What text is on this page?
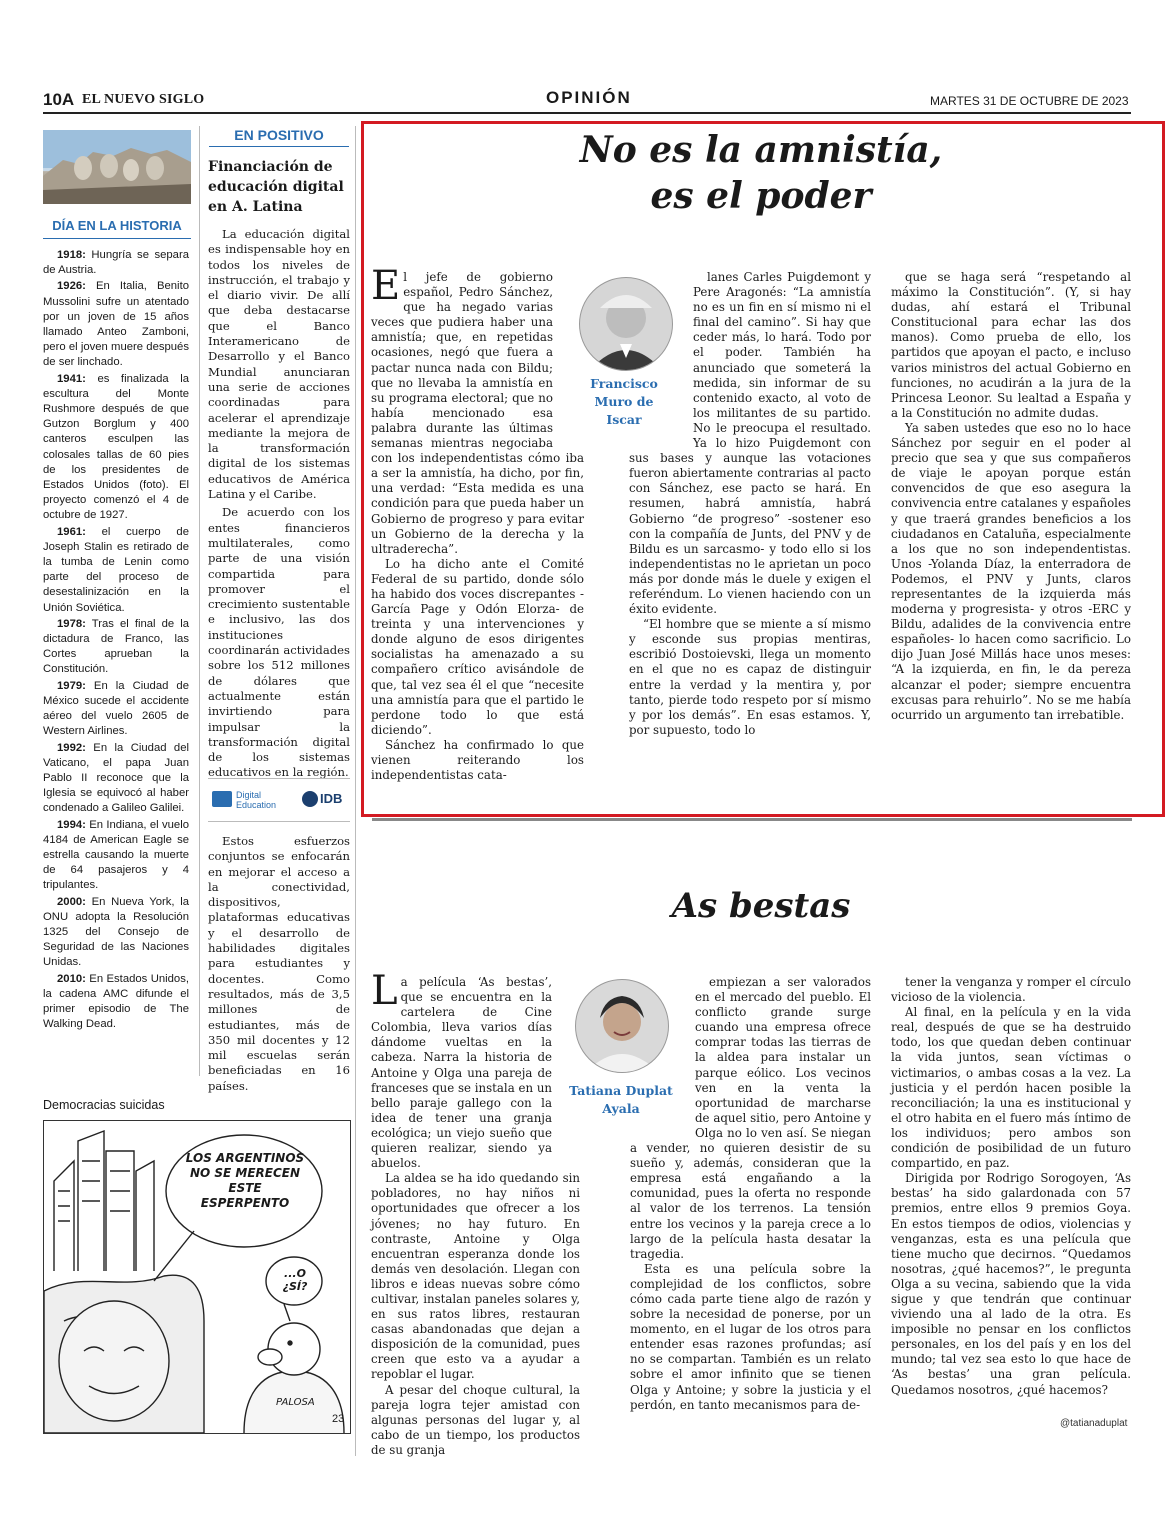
10A EL NUEVO SIGLO	OPINIÓN	MARTES 31 DE OCTUBRE DE 2023
DÍA EN LA HISTORIA

1918: Hungría se separa de Austria.

1926: En Italia, Benito Mussolini sufre un atentado por un joven de 15 años llamado Anteo Zamboni, pero el joven muere después de ser linchado.

1941: es finalizada la escultura del Monte Rushmore después de que Gutzon Borglum y 400 canteros esculpen las colosales tallas de 60 pies de los presidentes de Estados Unidos (foto). El proyecto comenzó el 4 de octubre de 1927.

1961: el cuerpo de Joseph Stalin es retirado de la tumba de Lenin como parte del proceso de desestalinización en la Unión Soviética.

1978: Tras el final de la dictadura de Franco, las Cortes aprueban la Constitución.

1979: En la Ciudad de México sucede el accidente aéreo del vuelo 2605 de Western Airlines.

1992: En la Ciudad del Vaticano, el papa Juan Pablo II reconoce que la Iglesia se equivocó al haber condenado a Galileo Galilei.

1994: En Indiana, el vuelo 4184 de American Eagle se estrella causando la muerte de 64 pasajeros y 4 tripulantes.

2000: En Nueva York, la ONU adopta la Resolución 1325 del Consejo de Seguridad de las Naciones Unidas.

2010: En Estados Unidos, la cadena AMC difunde el primer episodio de The Walking Dead.

EN POSITIVO
Financiación de educación digital en A. Latina

La educación digital es indispensable hoy en todos los niveles de instrucción, el trabajo y el diario vivir. De allí que deba destacarse que el Banco Interamericano de Desarrollo y el Banco Mundial anunciaran una serie de acciones coordinadas para acelerar el aprendizaje mediante la mejora de la transformación digital de los sistemas educativos de América Latina y el Caribe.

De acuerdo con los entes financieros multilaterales, como parte de una visión compartida para promover el crecimiento sustentable e inclusivo, las dos instituciones coordinarán actividades sobre los 512 millones de dólares que actualmente están invirtiendo para impulsar la transformación digital de los sistemas educativos en la región.

Digital Education	IDB

Estos esfuerzos conjuntos se enfocarán en mejorar el acceso a la conectividad, dispositivos, plataformas educativas y el desarrollo de habilidades digitales para estudiantes y docentes. Como resultados, más de 3,5 millones de estudiantes, más de 350 mil docentes y 12 mil escuelas serán beneficiadas en 16 países.

Democracias suicidas
LOS ARGENTINOS NO SE MERECEN ESTE ESPERPENTO
...O ¿SÍ?
PALOSA
23
No es la amnistía,
es el poder
Francisco Muro de Iscar

El jefe de gobierno español, Pedro Sánchez, que ha negado varias veces que pudiera haber una amnistía; que, en repetidas ocasiones, negó que fuera a pactar nunca nada con Bildu; que no llevaba la amnistía en su programa electoral; que no había mencionado esa palabra durante las últimas semanas mientras negociaba con los independentistas cómo iba a ser la amnistía, ha dicho, por fin, una verdad: “Esta medida es una condición para que pueda haber un Gobierno de progreso y para evitar un Gobierno de la derecha y la ultraderecha”.

Lo ha dicho ante el Comité Federal de su partido, donde sólo ha habido dos voces discrepantes -García Page y Odón Elorza- de treinta y una intervenciones y donde alguno de esos dirigentes socialistas ha amenazado a su compañero crítico avisándole de que, tal vez sea él el que “necesite una amnistía para que el partido le perdone todo lo que está diciendo”.

Sánchez ha confirmado lo que vienen reiterando los independentistas cata-

lanes Carles Puigdemont y Pere Aragonés: “La amnistía no es un fin en sí mismo ni el final del camino”. Si hay que ceder más, lo hará. Todo por el poder. También ha anunciado que someterá la medida, sin informar de su contenido exacto, al voto de los militantes de su partido. No le preocupa el resultado. Ya lo hizo Puigdemont con sus bases y aunque las votaciones fueron abiertamente contrarias al pacto con Sánchez, ese pacto se hará. En resumen, habrá amnistía, habrá Gobierno “de progreso” -sostener eso con la compañía de Junts, del PNV y de Bildu es un sarcasmo- y todo ello si los independentistas no le aprietan un poco más por donde más le duele y exigen el referéndum. Lo vienen haciendo con un éxito evidente.

“El hombre que se miente a sí mismo y esconde sus propias mentiras, escribió Dostoievski, llega un momento en el que no es capaz de distinguir entre la verdad y la mentira y, por tanto, pierde todo respeto por sí mismo y por los demás”. En esas estamos. Y, por supuesto, todo lo

que se haga será “respetando al máximo la Constitución”. (Y, si hay dudas, ahí estará el Tribunal Constitucional para echar las dos manos). Como prueba de ello, los partidos que apoyan el pacto, e incluso varios ministros del actual Gobierno en funciones, no acudirán a la jura de la Princesa Leonor. Su lealtad a España y a la Constitución no admite dudas.

Ya saben ustedes que eso no lo hace Sánchez por seguir en el poder al precio que sea y que sus compañeros de viaje le apoyan porque están convencidos de que eso asegura la convivencia entre catalanes y españoles y que traerá grandes beneficios a los ciudadanos en Cataluña, especialmente a los que no son independentistas. Unos -Yolanda Díaz, la enterradora de Podemos, el PNV y Junts, claros representantes de la izquierda más moderna y progresista- y otros -ERC y Bildu, adalides de la convivencia entre españoles- lo hacen como sacrificio. Lo dijo Juan José Millás hace unos meses: “A la izquierda, en fin, le da pereza alcanzar el poder; siempre encuentra excusas para rehuirlo”. No se me había ocurrido un argumento tan irrebatible.

As bestas
Tatiana Duplat Ayala

La película ‘As bestas’, que se encuentra en la cartelera de Cine Colombia, lleva varios días dándome vueltas en la cabeza. Narra la historia de Antoine y Olga una pareja de franceses que se instala en un bello paraje gallego con la idea de tener una granja ecológica; un viejo sueño que quieren realizar, siendo ya abuelos.

La aldea se ha ido quedando sin pobladores, no hay niños ni oportunidades que ofrecer a los jóvenes; no hay futuro. En contraste, Antoine y Olga encuentran esperanza donde los demás ven desolación. Llegan con libros e ideas nuevas sobre cómo cultivar, instalan paneles solares y, en sus ratos libres, restauran casas abandonadas que dejan a disposición de la comunidad, pues creen que esto va a ayudar a repoblar el lugar.

A pesar del choque cultural, la pareja logra tejer amistad con algunas personas del lugar y, al cabo de un tiempo, los productos de su granja

empiezan a ser valorados en el mercado del pueblo. El conflicto grande surge cuando una empresa ofrece comprar todas las tierras de la aldea para instalar un parque eólico. Los vecinos ven en la venta la oportunidad de marcharse de aquel sitio, pero Antoine y Olga no lo ven así. Se niegan a vender, no quieren desistir de su sueño y, además, consideran que la empresa está engañando a la comunidad, pues la oferta no responde al valor de los terrenos. La tensión entre los vecinos y la pareja crece a lo largo de la película hasta desatar la tragedia.

Esta es una película sobre la complejidad de los conflictos, sobre cómo cada parte tiene algo de razón y sobre la necesidad de ponerse, por un momento, en el lugar de los otros para entender esas razones profundas; así no se compartan. También es un relato sobre el amor infinito que se tienen Olga y Antoine; y sobre la justicia y el perdón, en tanto mecanismos para de-

tener la venganza y romper el círculo vicioso de la violencia.

Al final, en la película y en la vida real, después de que se ha destruido todo, los que quedan deben continuar la vida juntos, sean víctimas o victimarios, o ambas cosas a la vez. La justicia y el perdón hacen posible la reconciliación; la una es institucional y el otro habita en el fuero más íntimo de los individuos; pero ambos son condición de posibilidad de un futuro compartido, en paz.

Dirigida por Rodrigo Sorogoyen, ‘As bestas’ ha sido galardonada con 57 premios, entre ellos 9 premios Goya. En estos tiempos de odios, violencias y venganzas, esta es una película que tiene mucho que decirnos. “Quedamos nosotras, ¿qué hacemos?”, le pregunta Olga a su vecina, sabiendo que la vida sigue y que tendrán que continuar viviendo una al lado de la otra. Es imposible no pensar en los conflictos personales, en los del país y en los del mundo; tal vez sea esto lo que hace de ‘As bestas’ una gran película. Quedamos nosotros, ¿qué hacemos?

@tatianaduplat
